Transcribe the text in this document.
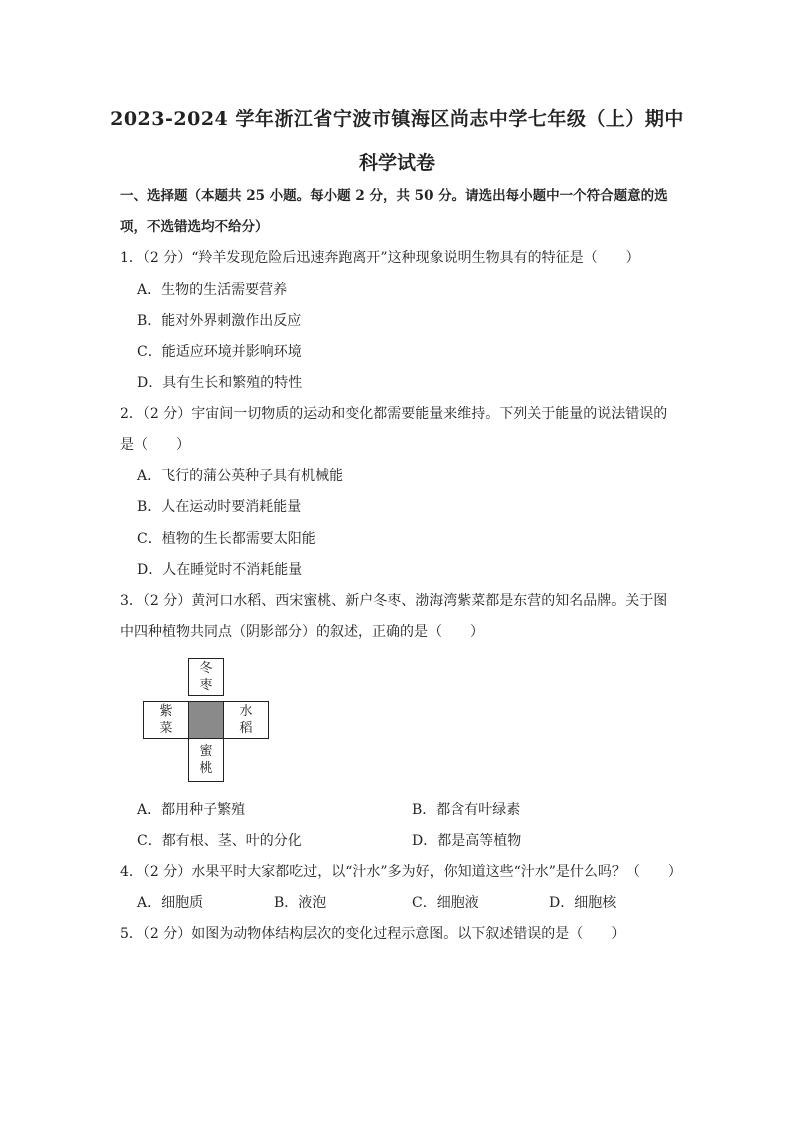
2023-2024 学年浙江省宁波市镇海区尚志中学七年级（上）期中
科学试卷
一、选择题（本题共 25 小题。每小题 2 分，共 50 分。请选出每小题中一个符合题意的选
项，不选错选均不给分）
1．（2 分）“羚羊发现危险后迅速奔跑离开”这种现象说明生物具有的特征是（　　）
A．生物的生活需要营养
B．能对外界刺激作出反应
C．能适应环境并影响环境
D．具有生长和繁殖的特性
2．（2 分）宇宙间一切物质的运动和变化都需要能量来维持。下列关于能量的说法错误的
是（　　）
A．飞行的蒲公英种子具有机械能
B．人在运动时要消耗能量
C．植物的生长都需要太阳能
D．人在睡觉时不消耗能量
3．（2 分）黄河口水稻、西宋蜜桃、新户冬枣、渤海湾紫菜都是东营的知名品牌。关于图
中四种植物共同点（阴影部分）的叙述，正确的是（　　）
冬
枣
紫
菜
水
稻
蜜
桃
A．都用种子繁殖	B．都含有叶绿素
C．都有根、茎、叶的分化	D．都是高等植物
4．（2 分）水果平时大家都吃过，以“汁水”多为好，你知道这些“汁水”是什么吗？（　　）
A．细胞质	B．液泡	C．细胞液	D．细胞核
5．（2 分）如图为动物体结构层次的变化过程示意图。以下叙述错误的是（　　）
